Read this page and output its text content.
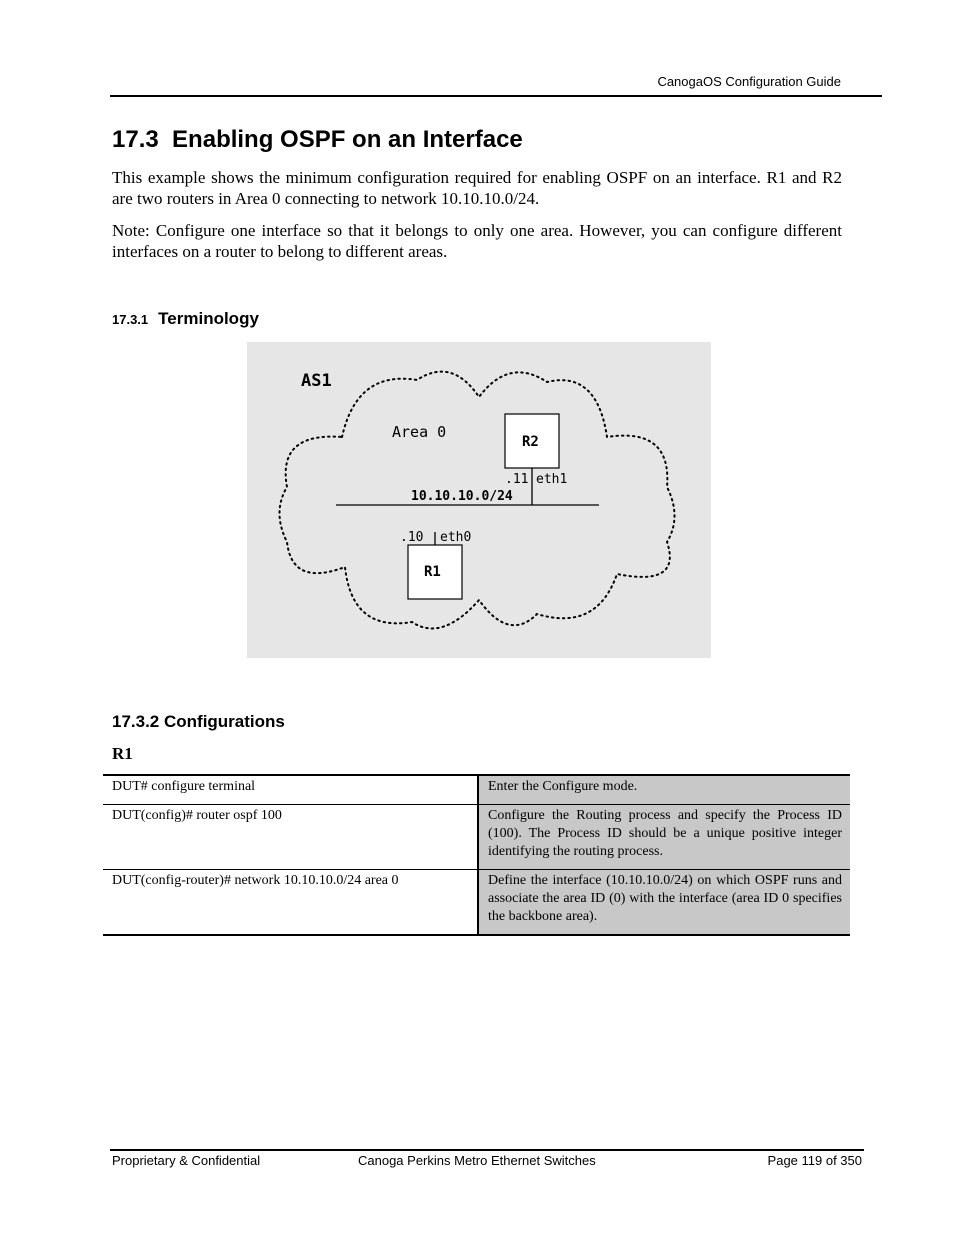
CanogaOS Configuration Guide
17.3  Enabling OSPF on an Interface

This example shows the minimum configuration required for enabling OSPF on an interface. R1 and R2 are two routers in Area 0 connecting to network 10.10.10.0/24.

Note: Configure one interface so that it belongs to only one area. However, you can configure different interfaces on a router to belong to different areas.

17.3.1 Terminology
AS1
Area 0
10.10.10.0/24
R2
.11 eth1
R1
.10 eth0
17.3.2 Configurations
R1
DUT# configure terminal	Enter the Configure mode.
DUT(config)# router ospf 100	Configure the Routing process and specify the Process ID (100). The Process ID should be a unique positive integer identifying the routing process.
DUT(config-router)# network 10.10.10.0/24 area 0	Define the interface (10.10.10.0/24) on which OSPF runs and associate the area ID (0) with the interface (area ID 0 specifies the backbone area).
Proprietary & Confidential	Canoga Perkins Metro Ethernet Switches	Page 119 of 350
